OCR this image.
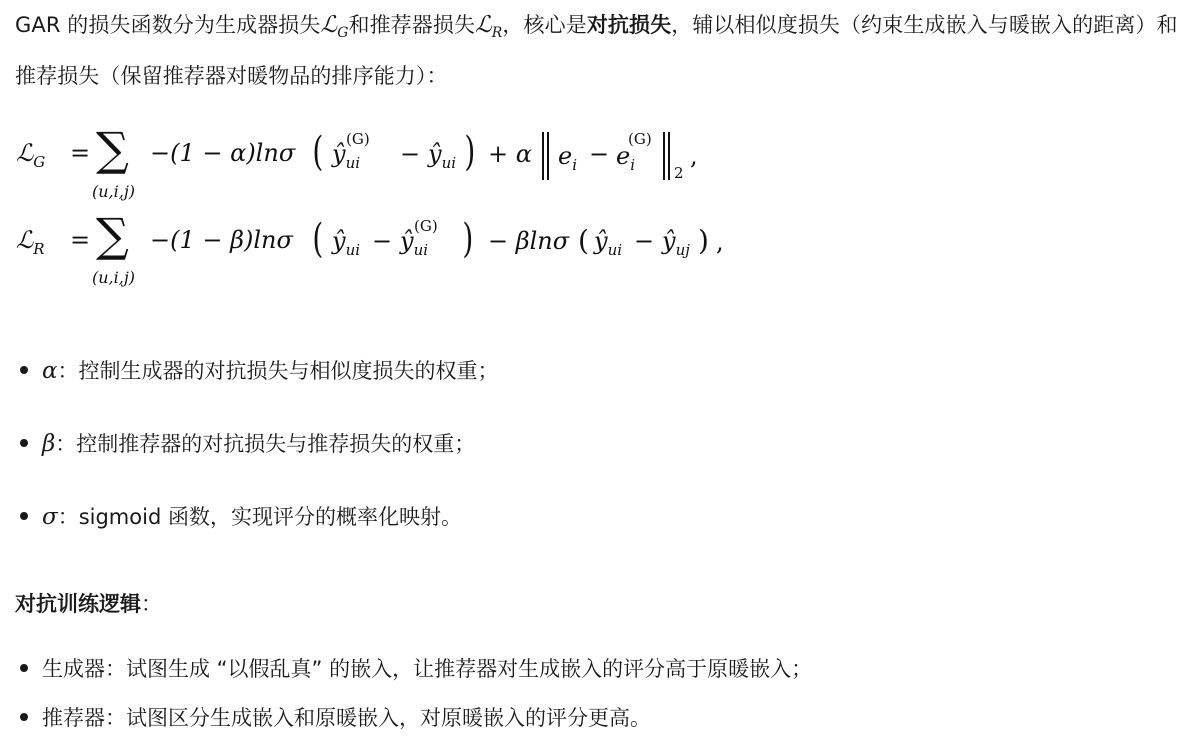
GAR 的损失函数分为生成器损失ℒ$_G$和推荐器损失ℒ$_R$，核心是对抗损失，辅以相似度损失（约束生成嵌入与暖嵌入的距离）和推荐损失（保留推荐器对暖物品的排序能力）：
ℒ$_G$ = ∑
(u,i,j)
−(1 − α)lnσ ( $ŷ_{ui}$
(G)
− $ŷ_{ui}$ ) + α $e_i - e_i$
(G)
2
,
ℒ$_R$ = ∑
(u,i,j)
−(1 − β)lnσ ( $ŷ_{ui}$ − $ŷ_{ui}$
(G) ) − βlnσ ( $ŷ_{ui}$ − $ŷ_{uj}$ ) ,
α：控制生成器的对抗损失与相似度损失的权重；
β：控制推荐器的对抗损失与推荐损失的权重；
σ：sigmoid 函数，实现评分的概率化映射。
对抗训练逻辑：
生成器：试图生成 “以假乱真” 的嵌入，让推荐器对生成嵌入的评分高于原暖嵌入；
推荐器：试图区分生成嵌入和原暖嵌入，对原暖嵌入的评分更高。
